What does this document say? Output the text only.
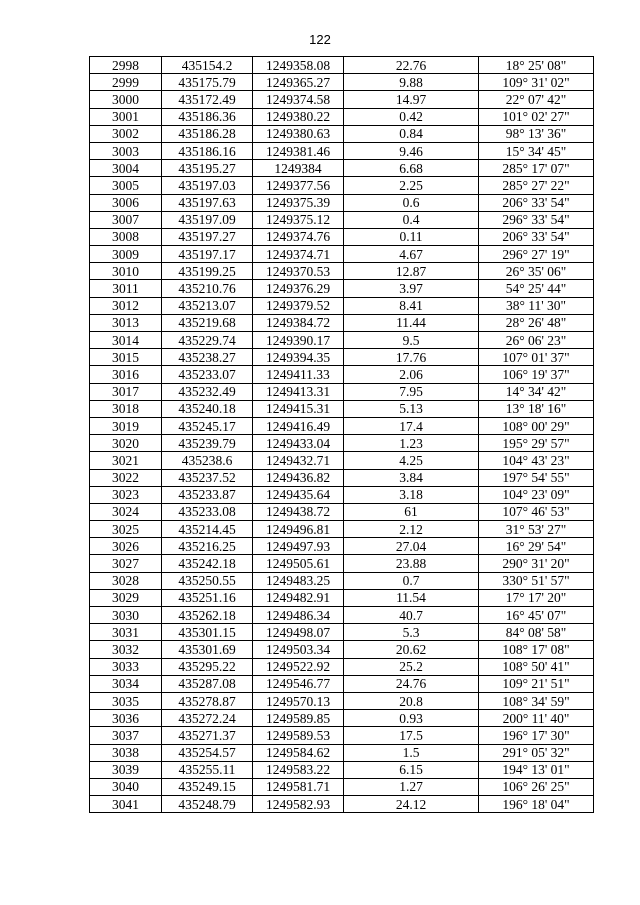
122
2998	435154.2	1249358.08	22.76	18° 25' 08"
2999	435175.79	1249365.27	9.88	109° 31' 02"
3000	435172.49	1249374.58	14.97	22° 07' 42"
3001	435186.36	1249380.22	0.42	101° 02' 27"
3002	435186.28	1249380.63	0.84	98° 13' 36"
3003	435186.16	1249381.46	9.46	15° 34' 45"
3004	435195.27	1249384	6.68	285° 17' 07"
3005	435197.03	1249377.56	2.25	285° 27' 22"
3006	435197.63	1249375.39	0.6	206° 33' 54"
3007	435197.09	1249375.12	0.4	296° 33' 54"
3008	435197.27	1249374.76	0.11	206° 33' 54"
3009	435197.17	1249374.71	4.67	296° 27' 19"
3010	435199.25	1249370.53	12.87	26° 35' 06"
3011	435210.76	1249376.29	3.97	54° 25' 44"
3012	435213.07	1249379.52	8.41	38° 11' 30"
3013	435219.68	1249384.72	11.44	28° 26' 48"
3014	435229.74	1249390.17	9.5	26° 06' 23"
3015	435238.27	1249394.35	17.76	107° 01' 37"
3016	435233.07	1249411.33	2.06	106° 19' 37"
3017	435232.49	1249413.31	7.95	14° 34' 42"
3018	435240.18	1249415.31	5.13	13° 18' 16"
3019	435245.17	1249416.49	17.4	108° 00' 29"
3020	435239.79	1249433.04	1.23	195° 29' 57"
3021	435238.6	1249432.71	4.25	104° 43' 23"
3022	435237.52	1249436.82	3.84	197° 54' 55"
3023	435233.87	1249435.64	3.18	104° 23' 09"
3024	435233.08	1249438.72	61	107° 46' 53"
3025	435214.45	1249496.81	2.12	31° 53' 27"
3026	435216.25	1249497.93	27.04	16° 29' 54"
3027	435242.18	1249505.61	23.88	290° 31' 20"
3028	435250.55	1249483.25	0.7	330° 51' 57"
3029	435251.16	1249482.91	11.54	17° 17' 20"
3030	435262.18	1249486.34	40.7	16° 45' 07"
3031	435301.15	1249498.07	5.3	84° 08' 58"
3032	435301.69	1249503.34	20.62	108° 17' 08"
3033	435295.22	1249522.92	25.2	108° 50' 41"
3034	435287.08	1249546.77	24.76	109° 21' 51"
3035	435278.87	1249570.13	20.8	108° 34' 59"
3036	435272.24	1249589.85	0.93	200° 11' 40"
3037	435271.37	1249589.53	17.5	196° 17' 30"
3038	435254.57	1249584.62	1.5	291° 05' 32"
3039	435255.11	1249583.22	6.15	194° 13' 01"
3040	435249.15	1249581.71	1.27	106° 26' 25"
3041	435248.79	1249582.93	24.12	196° 18' 04"
